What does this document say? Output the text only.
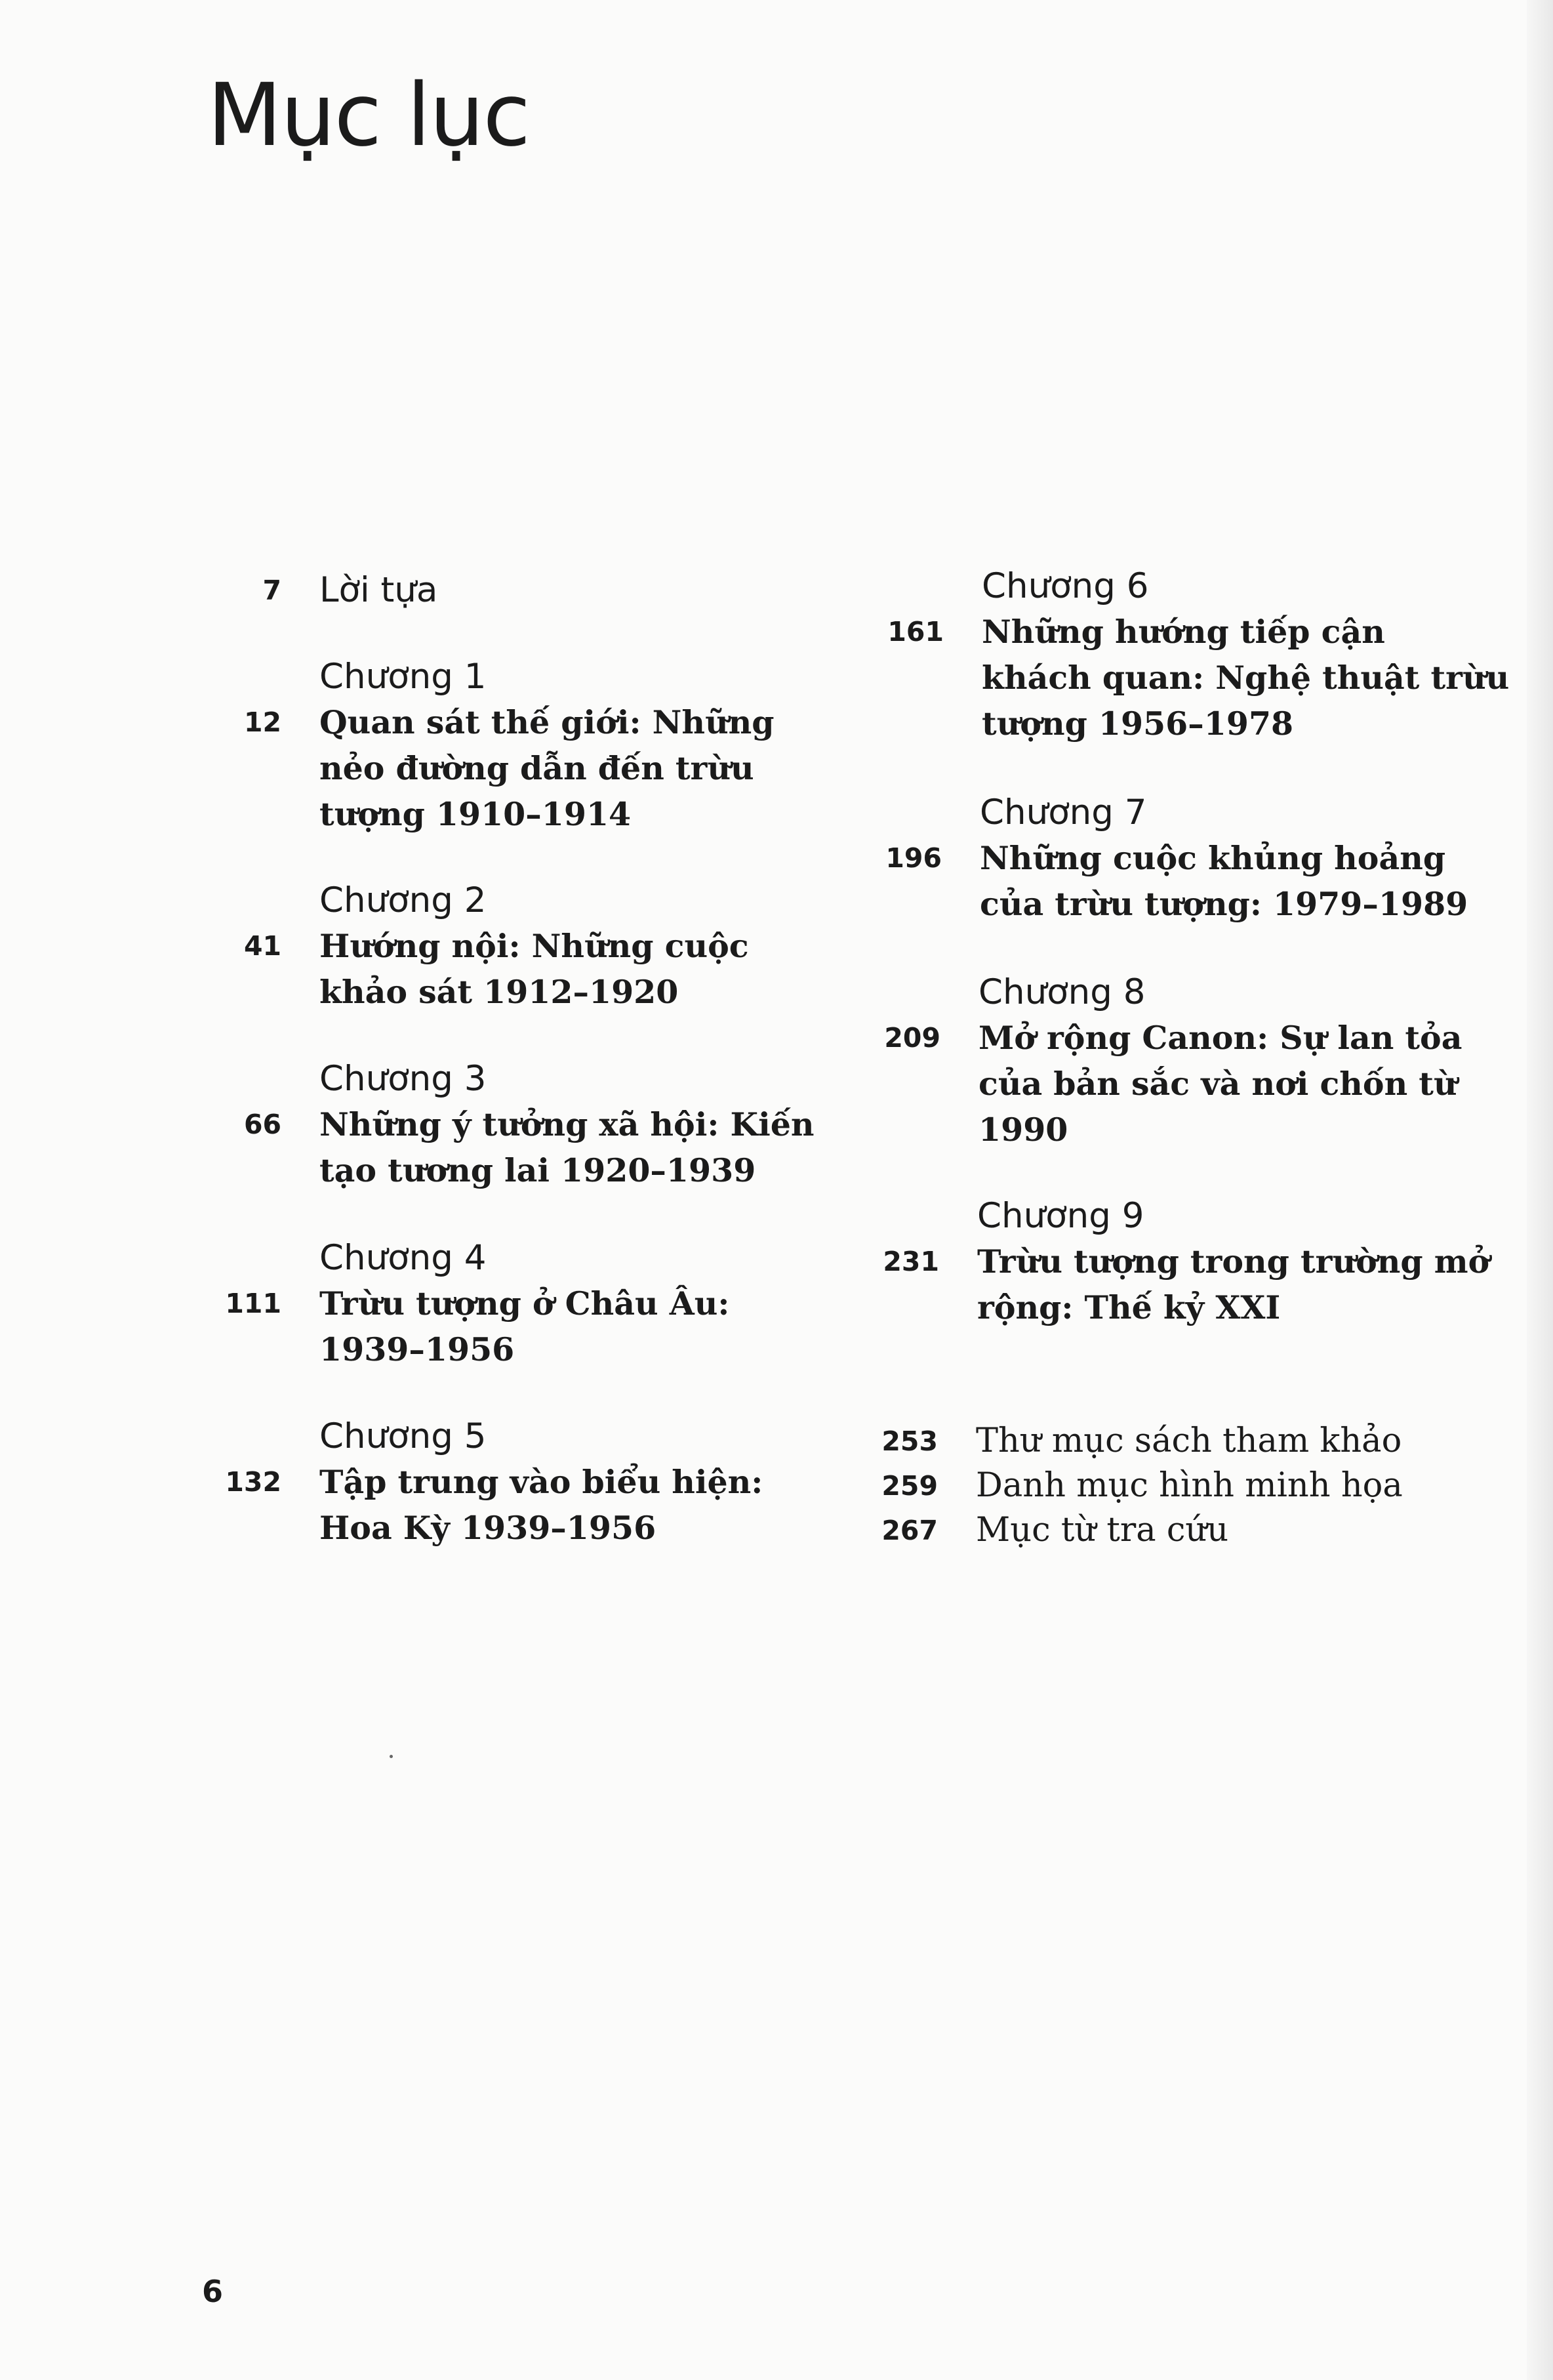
Mục lục
7 Lời tựa
Chương 1
12 Quan sát thế giới: Những
nẻo đường dẫn đến trừu
tượng 1910–1914
Chương 2
41 Hướng nội: Những cuộc
khảo sát 1912–1920
Chương 3
66 Những ý tưởng xã hội: Kiến
tạo tương lai 1920–1939
Chương 4
111 Trừu tượng ở Châu Âu:
1939–1956
Chương 5
132 Tập trung vào biểu hiện:
Hoa Kỳ 1939–1956
Chương 6
161 Những hướng tiếp cận
khách quan: Nghệ thuật trừu
tượng 1956–1978
Chương 7
196 Những cuộc khủng hoảng
của trừu tượng: 1979–1989
Chương 8
209 Mở rộng Canon: Sự lan tỏa
của bản sắc và nơi chốn từ
1990
Chương 9
231 Trừu tượng trong trường mở
rộng: Thế kỷ XXI
253 Thư mục sách tham khảo
259 Danh mục hình minh họa
267 Mục từ tra cứu
6
